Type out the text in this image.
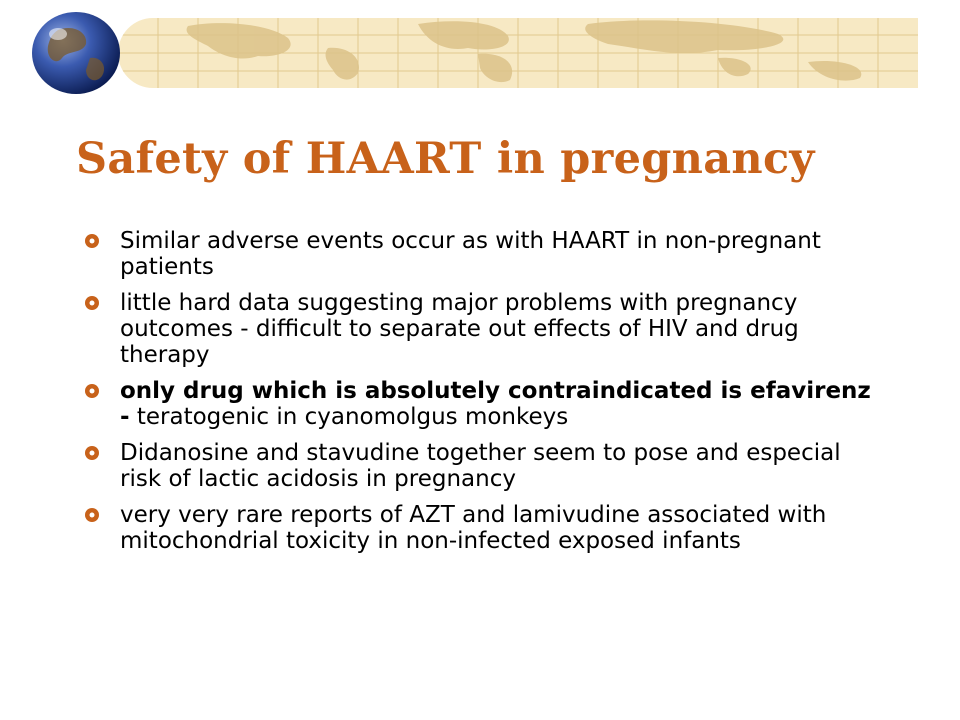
Safety of HAART in pregnancy
Similar adverse events occur as with HAART in non-pregnant patients
little hard data suggesting major problems with pregnancy outcomes - difficult to separate out effects of HIV and drug therapy
only drug which is absolutely contraindicated is efavirenz - teratogenic in cyanomolgus monkeys
Didanosine and stavudine together seem to pose and especial risk of lactic acidosis in pregnancy
very very rare reports of AZT and lamivudine associated with mitochondrial toxicity in non-infected exposed infants
